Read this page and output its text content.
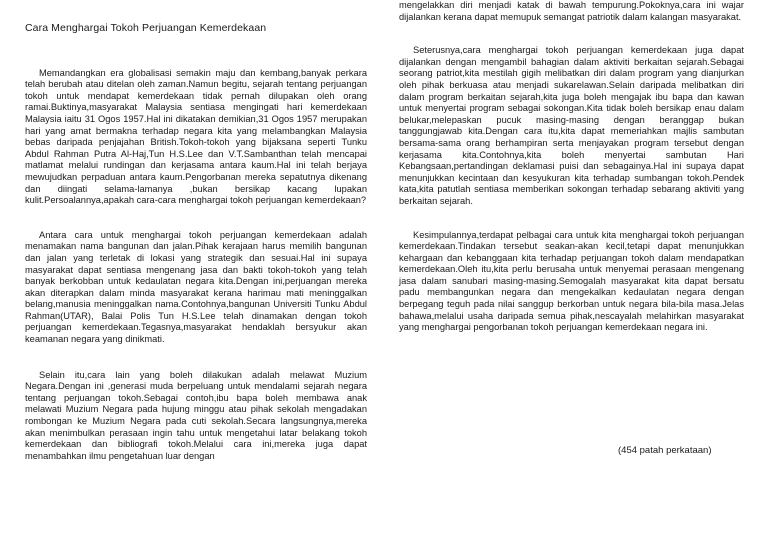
Cara Menghargai Tokoh Perjuangan Kemerdekaan

Memandangkan era globalisasi semakin maju dan kembang,banyak perkara telah berubah atau ditelan oleh zaman.Namun begitu, sejarah tentang perjuangan tokoh untuk mendapat kemerdekaan tidak pernah dilupakan oleh orang ramai.Buktinya,masyarakat Malaysia sentiasa mengingati hari kemerdekaan Malaysia iaitu 31 Ogos 1957.Hal ini dikatakan demikian,31 Ogos 1957 merupakan hari yang amat bermakna terhadap negara kita yang melambangkan Malaysia bebas daripada penjajahan British.Tokoh-tokoh yang bijaksana seperti Tunku Abdul Rahman Putra Al-Haj,Tun H.S.Lee dan V.T.Sambanthan telah mencapai matlamat melalui rundingan dan kerjasama antara kaum.Hal ini telah berjaya mewujudkan perpaduan antara kaum.Pengorbanan mereka sepatutnya dikenang dan diingati selama-lamanya ,bukan bersikap kacang lupakan kulit.Persoalannya,apakah cara-cara menghargai tokoh perjuangan kemerdekaan?

Antara cara untuk menghargai tokoh perjuangan kemerdekaan adalah menamakan nama bangunan dan jalan.Pihak kerajaan harus memilih bangunan dan jalan yang terletak di lokasi yang strategik dan sesuai.Hal ini supaya masyarakat dapat sentiasa mengenang jasa dan bakti tokoh-tokoh yang telah banyak berkobban untuk kedaulatan negara kita.Dengan ini,perjuangan mereka akan diterapkan dalam minda masyarakat kerana harimau mati meninggalkan belang,manusia meninggalkan nama.Contohnya,bangunan Universiti Tunku Abdul Rahman(UTAR), Balai Polis Tun H.S.Lee telah dinamakan dengan tokoh perjuangan kemerdekaan.Tegasnya,masyarakat hendaklah bersyukur akan keamanan negara yang dinikmati.

Selain itu,cara lain yang boleh dilakukan adalah melawat Muzium Negara.Dengan ini ,generasi muda berpeluang untuk mendalami sejarah negara tentang perjuangan tokoh.Sebagai contoh,ibu bapa boleh membawa anak melawati Muzium Negara pada hujung minggu atau pihak sekolah mengadakan rombongan ke Muzium Negara pada cuti sekolah.Secara langsungnya,mereka akan menimbulkan perasaan ingin tahu untuk mengetahui latar belakang tokoh kemerdekaan dan bibliografi tokoh.Melalui cara ini,mereka juga dapat menambahkan ilmu pengetahuan luar dengan

mengelakkan diri menjadi katak di bawah tempurung.Pokoknya,cara ini wajar dijalankan kerana dapat memupuk semangat patriotik dalam kalangan masyarakat.

Seterusnya,cara menghargai tokoh perjuangan kemerdekaan juga dapat dijalankan dengan mengambil bahagian dalam aktiviti berkaitan sejarah.Sebagai seorang patriot,kita mestilah gigih melibatkan diri dalam program yang dianjurkan oleh pihak berkuasa atau menjadi sukarelawan.Selain daripada melibatkan diri dalam program berkaitan sejarah,kita juga boleh mengajak ibu bapa dan kawan untuk menyertai program sebagai sokongan.Kita tidak boleh bersikap enau dalam belukar,melepaskan pucuk masing-masing dengan beranggap bukan tanggungjawab kita.Dengan cara itu,kita dapat memeriahkan majlis sambutan bersama-sama orang berhampiran serta menjayakan program tersebut dengan kerjasama kita.Contohnya,kita boleh menyertai sambutan Hari Kebangsaan,pertandingan deklamasi puisi dan sebagainya.Hal ini supaya dapat menunjukkan kecintaan dan kesyukuran kita terhadap sumbangan tokoh.Pendek kata,kita patutlah sentiasa memberikan sokongan terhadap sebarang aktiviti yang berkaitan sejarah.

Kesimpulannya,terdapat pelbagai cara untuk kita menghargai tokoh perjuangan kemerdekaan.Tindakan tersebut seakan-akan kecil,tetapi dapat menunjukkan kehargaan dan kebanggaan kita terhadap perjuangan tokoh dalam mendapatkan kemerdekaan.Oleh itu,kita perlu berusaha untuk menyemai perasaan mengenang jasa dalam sanubari masing-masing.Semogalah masyarakat kita dapat bersatu padu membangunkan negara dan mengekalkan kedaulatan negara dengan berpegang teguh pada nilai sanggup berkorban untuk negara bila-bila masa.Jelas bahawa,melalui usaha daripada semua pihak,nescayalah melahirkan masyarakat yang menghargai pengorbanan tokoh perjuangan kemerdekaan negara ini.

(454 patah perkataan)
